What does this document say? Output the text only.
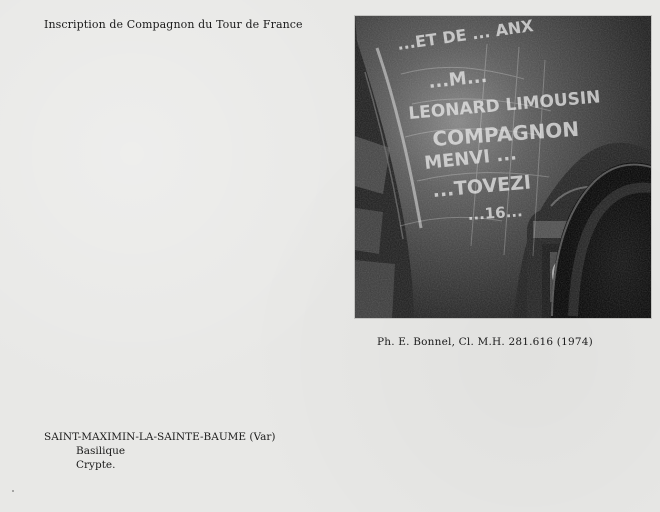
Inscription de Compagnon du Tour de France
Ph. E. Bonnel, Cl. M.H. 281.616 (1974)
SAINT-MAXIMIN-LA-SAINTE-BAUME (Var)
Basilique
Crypte.
